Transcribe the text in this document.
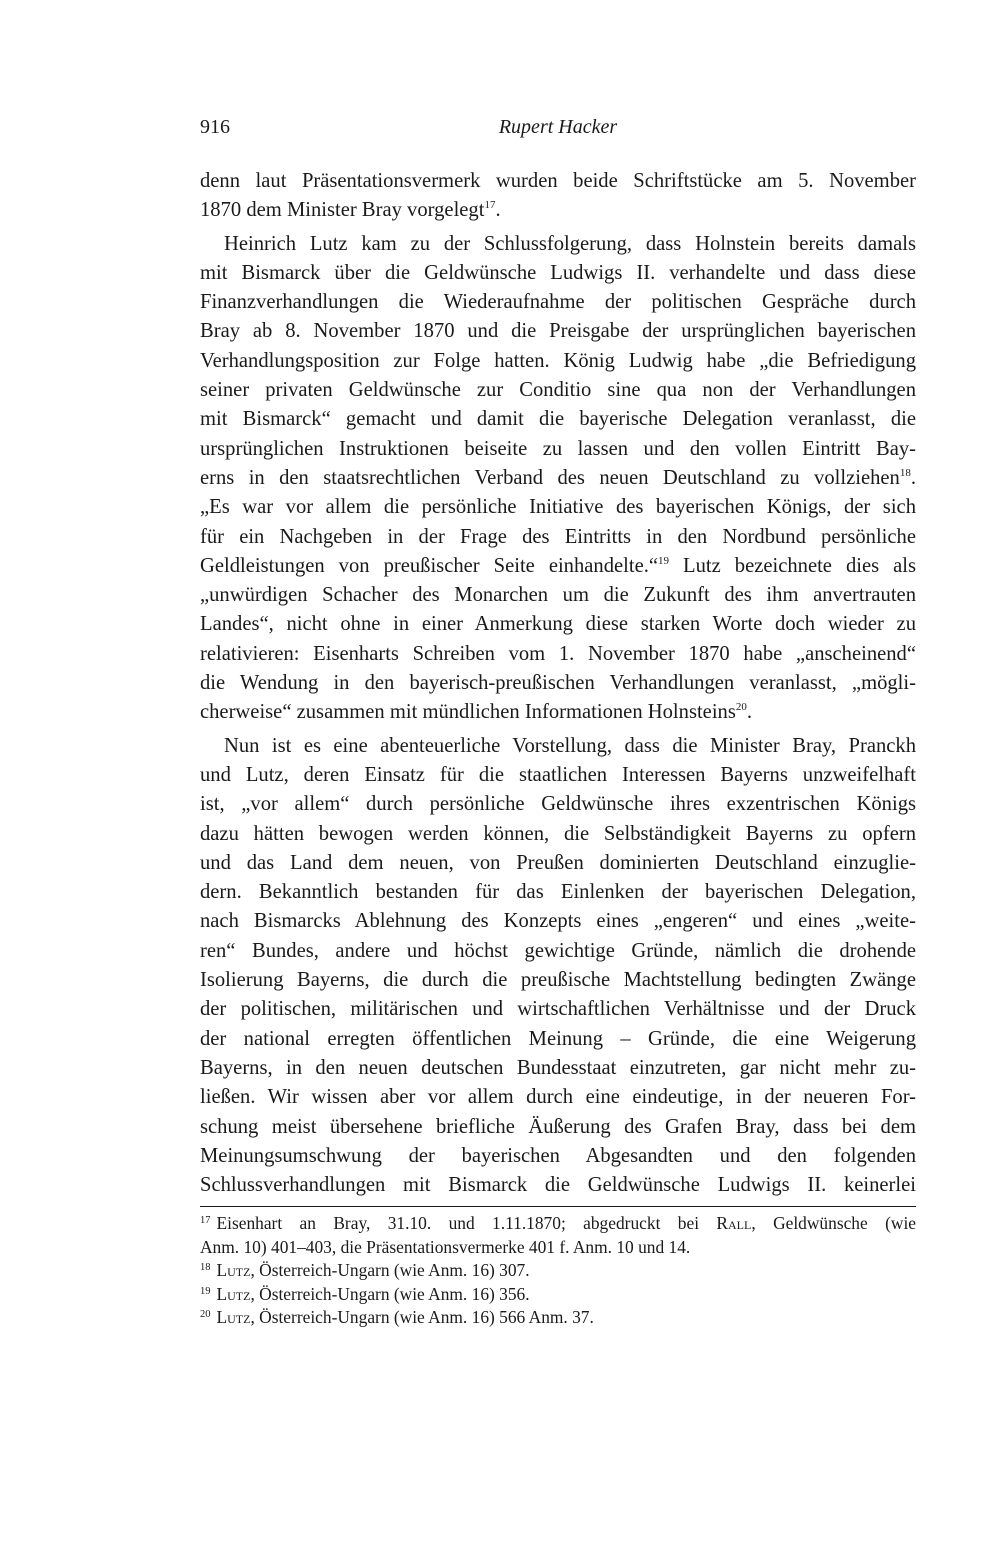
916	Rupert Hacker
denn laut Präsentationsvermerk wurden beide Schriftstücke am 5. November
1870 dem Minister Bray vorgelegt$^{17}$.
Heinrich Lutz kam zu der Schlussfolgerung, dass Holnstein bereits damals
mit Bismarck über die Geldwünsche Ludwigs II. verhandelte und dass diese
Finanzverhandlungen die Wiederaufnahme der politischen Gespräche durch
Bray ab 8. November 1870 und die Preisgabe der ursprünglichen bayerischen
Verhandlungsposition zur Folge hatten. König Ludwig habe „die Befriedigung
seiner privaten Geldwünsche zur Conditio sine qua non der Verhandlungen
mit Bismarck“ gemacht und damit die bayerische Delegation veranlasst, die
ursprünglichen Instruktionen beiseite zu lassen und den vollen Eintritt Bay-
erns in den staatsrechtlichen Verband des neuen Deutschland zu vollziehen$^{18}$.
„Es war vor allem die persönliche Initiative des bayerischen Königs, der sich
für ein Nachgeben in der Frage des Eintritts in den Nordbund persönliche
Geldleistungen von preußischer Seite einhandelte.“$^{19}$ Lutz bezeichnete dies als
„unwürdigen Schacher des Monarchen um die Zukunft des ihm anvertrauten
Landes“, nicht ohne in einer Anmerkung diese starken Worte doch wieder zu
relativieren: Eisenharts Schreiben vom 1. November 1870 habe „anscheinend“
die Wendung in den bayerisch-preußischen Verhandlungen veranlasst, „mögli-
cherweise“ zusammen mit mündlichen Informationen Holnsteins$^{20}$.
Nun ist es eine abenteuerliche Vorstellung, dass die Minister Bray, Pranckh
und Lutz, deren Einsatz für die staatlichen Interessen Bayerns unzweifelhaft
ist, „vor allem“ durch persönliche Geldwünsche ihres exzentrischen Königs
dazu hätten bewogen werden können, die Selbständigkeit Bayerns zu opfern
und das Land dem neuen, von Preußen dominierten Deutschland einzuglie-
dern. Bekanntlich bestanden für das Einlenken der bayerischen Delegation,
nach Bismarcks Ablehnung des Konzepts eines „engeren“ und eines „weite-
ren“ Bundes, andere und höchst gewichtige Gründe, nämlich die drohende
Isolierung Bayerns, die durch die preußische Machtstellung bedingten Zwänge
der politischen, militärischen und wirtschaftlichen Verhältnisse und der Druck
der national erregten öffentlichen Meinung – Gründe, die eine Weigerung
Bayerns, in den neuen deutschen Bundesstaat einzutreten, gar nicht mehr zu-
ließen. Wir wissen aber vor allem durch eine eindeutige, in der neueren For-
schung meist übersehene briefliche Äußerung des Grafen Bray, dass bei dem
Meinungsumschwung der bayerischen Abgesandten und den folgenden
Schlussverhandlungen mit Bismarck die Geldwünsche Ludwigs II. keinerlei
$^{17}$ Eisenhart an Bray, 31.10. und 1.11.1870; abgedruckt bei Rall, Geldwünsche (wie
Anm. 10) 401–403, die Präsentationsvermerke 401 f. Anm. 10 und 14.
$^{18}$ Lutz, Österreich-Ungarn (wie Anm. 16) 307.
$^{19}$ Lutz, Österreich-Ungarn (wie Anm. 16) 356.
$^{20}$ Lutz, Österreich-Ungarn (wie Anm. 16) 566 Anm. 37.
